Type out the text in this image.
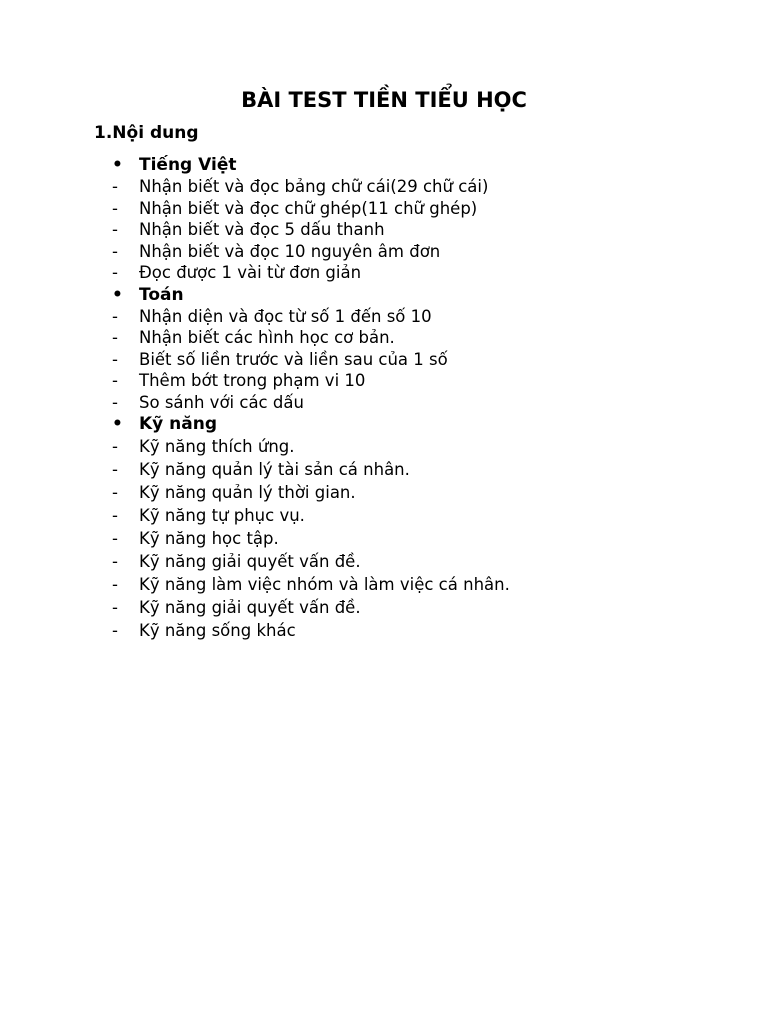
BÀI TEST TIỀN TIỂU HỌC
1.Nội dung
• Tiếng Việt
-	Nhận biết và đọc bảng chữ cái(29 chữ cái)
-	Nhận biết và đọc chữ ghép(11 chữ ghép)
-	Nhận biết và đọc 5 dấu thanh
-	Nhận biết và đọc 10 nguyên âm đơn
-	Đọc được 1 vài từ đơn giản
• Toán
-	Nhận diện và đọc từ số 1 đến số 10
-	Nhận biết các hình học cơ bản.
-	Biết số liền trước và liền sau của 1 số
-	Thêm bớt trong phạm vi 10
-	So sánh với các dấu
• Kỹ năng
-	Kỹ năng thích ứng.
-	Kỹ năng quản lý tài sản cá nhân.
-	Kỹ năng quản lý thời gian.
-	Kỹ năng tự phục vụ.
-	Kỹ năng học tập.
-	Kỹ năng giải quyết vấn đề.
-	Kỹ năng làm việc nhóm và làm việc cá nhân.
-	Kỹ năng giải quyết vấn đề.
-	Kỹ năng sống khác
